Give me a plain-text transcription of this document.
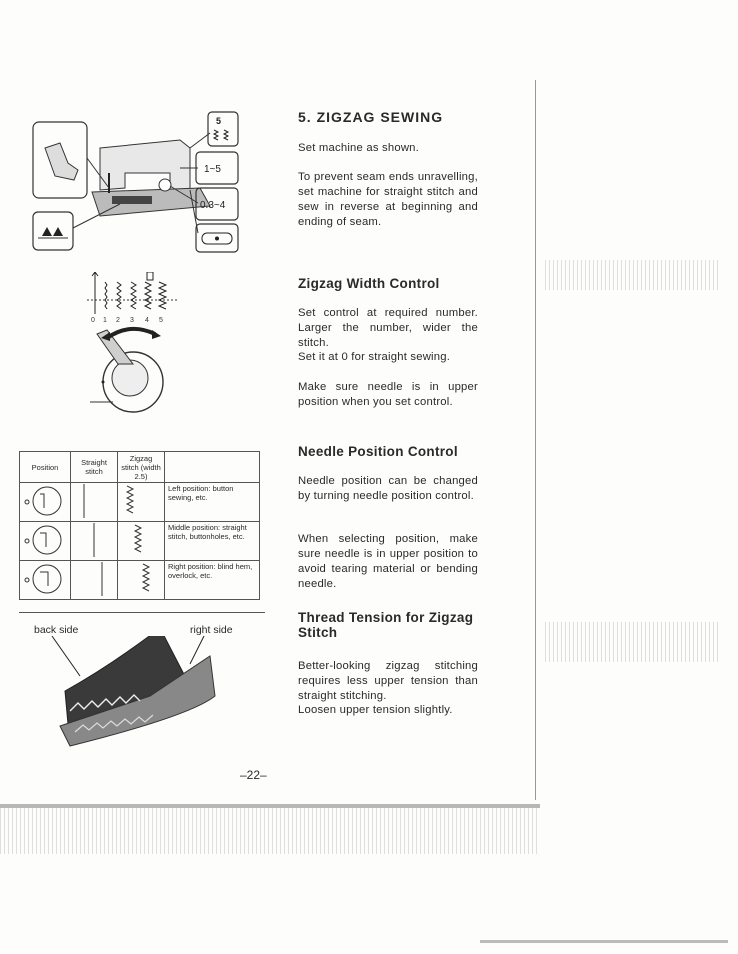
5. ZIGZAG SEWING
Set machine as shown.
To prevent seam ends unravelling, set machine for straight stitch and sew in reverse at beginning and ending of seam.
Zigzag Width Control
Set control at required number. Larger the number, wider the stitch.
Set it at 0 for straight sewing.
Make sure needle is in upper position when you set control.
Needle Position Control
Needle position can be changed by turning needle position control.
When selecting position, make sure needle is in upper position to avoid tearing material or bending needle.
Thread Tension for Zigzag Stitch
Better-looking zigzag stitching requires less upper tension than straight stitching.
Loosen upper tension slightly.
–22–
5
1~5
0.3~4
0 1 2 3 4 5
Position	Straight stitch	Zigzag stitch (width 2.5)	
			Left position: button sewing, etc.
			Middle position: straight stitch, buttonholes, etc.
			Right position: blind hem, overlock, etc.
back side	right side
